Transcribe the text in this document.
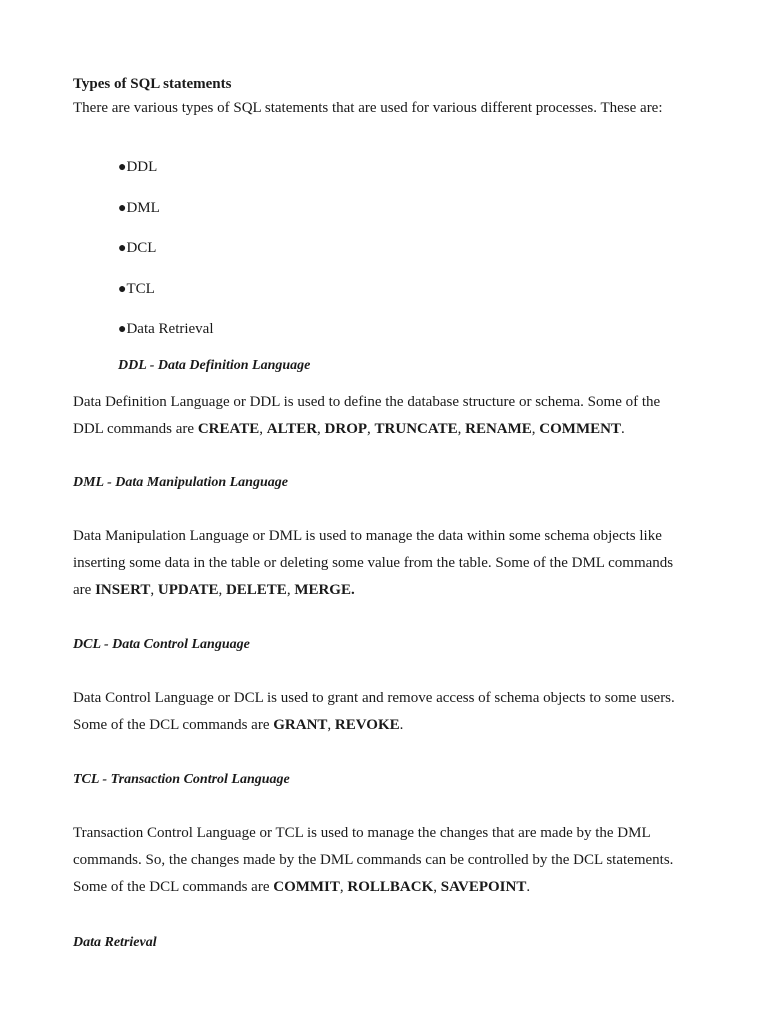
Types of SQL statements
There are various types of SQL statements that are used for various different processes. These are:
●DDL
●DML
●DCL
●TCL
●Data Retrieval
DDL - Data Definition Language
Data Definition Language or DDL is used to define the database structure or schema. Some of the
DDL commands are CREATE, ALTER, DROP, TRUNCATE, RENAME, COMMENT.
DML - Data Manipulation Language
Data Manipulation Language or DML is used to manage the data within some schema objects like
inserting some data in the table or deleting some value from the table. Some of the DML commands
are INSERT, UPDATE, DELETE, MERGE.
DCL - Data Control Language
Data Control Language or DCL is used to grant and remove access of schema objects to some users.
Some of the DCL commands are GRANT, REVOKE.
TCL - Transaction Control Language
Transaction Control Language or TCL is used to manage the changes that are made by the DML
commands. So, the changes made by the DML commands can be controlled by the DCL statements.
Some of the DCL commands are COMMIT, ROLLBACK, SAVEPOINT.
Data Retrieval
